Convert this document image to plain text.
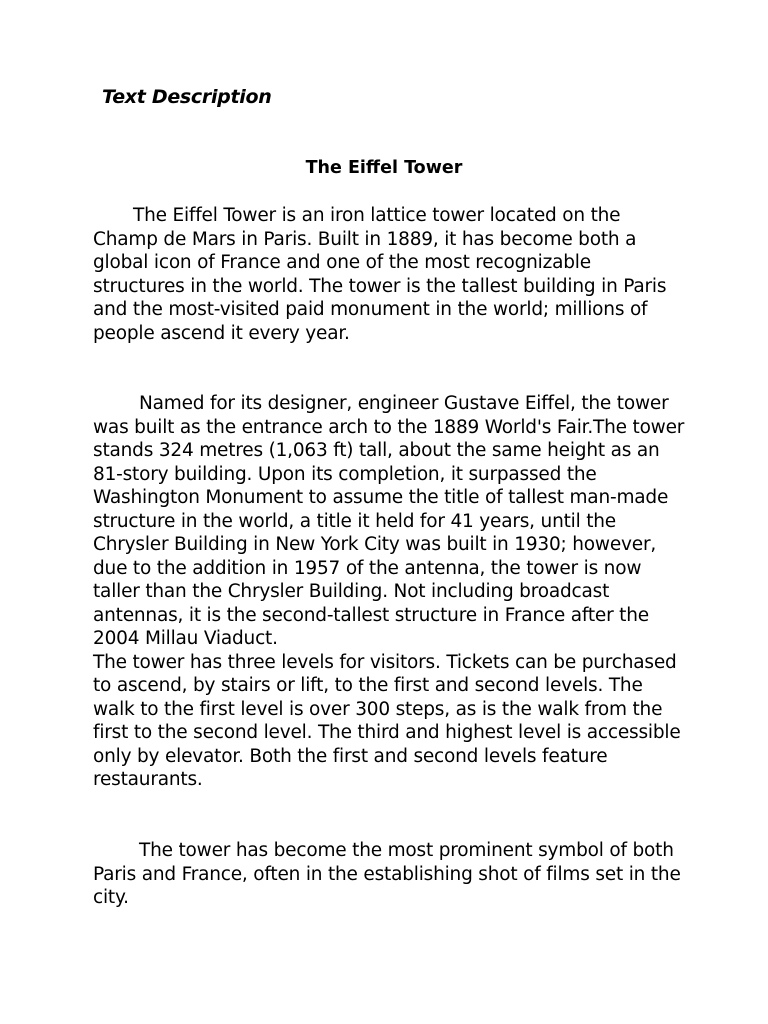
Text Description
The Eiffel Tower

The Eiffel Tower is an iron lattice tower located on the Champ de Mars in Paris. Built in 1889, it has become both a global icon of France and one of the most recognizable structures in the world. The tower is the tallest building in Paris and the most-visited paid monument in the world; millions of people ascend it every year.

Named for its designer, engineer Gustave Eiffel, the tower was built as the entrance arch to the 1889 World's Fair.The tower stands 324 metres (1,063 ft) tall, about the same height as an 81-story building. Upon its completion, it surpassed the Washington Monument to assume the title of tallest man-made structure in the world, a title it held for 41 years, until the Chrysler Building in New York City was built in 1930; however, due to the addition in 1957 of the antenna, the tower is now taller than the Chrysler Building. Not including broadcast antennas, it is the second-tallest structure in France after the 2004 Millau Viaduct.

The tower has three levels for visitors. Tickets can be purchased to ascend, by stairs or lift, to the first and second levels. The walk to the first level is over 300 steps, as is the walk from the first to the second level. The third and highest level is accessible only by elevator. Both the first and second levels feature restaurants.

The tower has become the most prominent symbol of both Paris and France, often in the establishing shot of films set in the city.
